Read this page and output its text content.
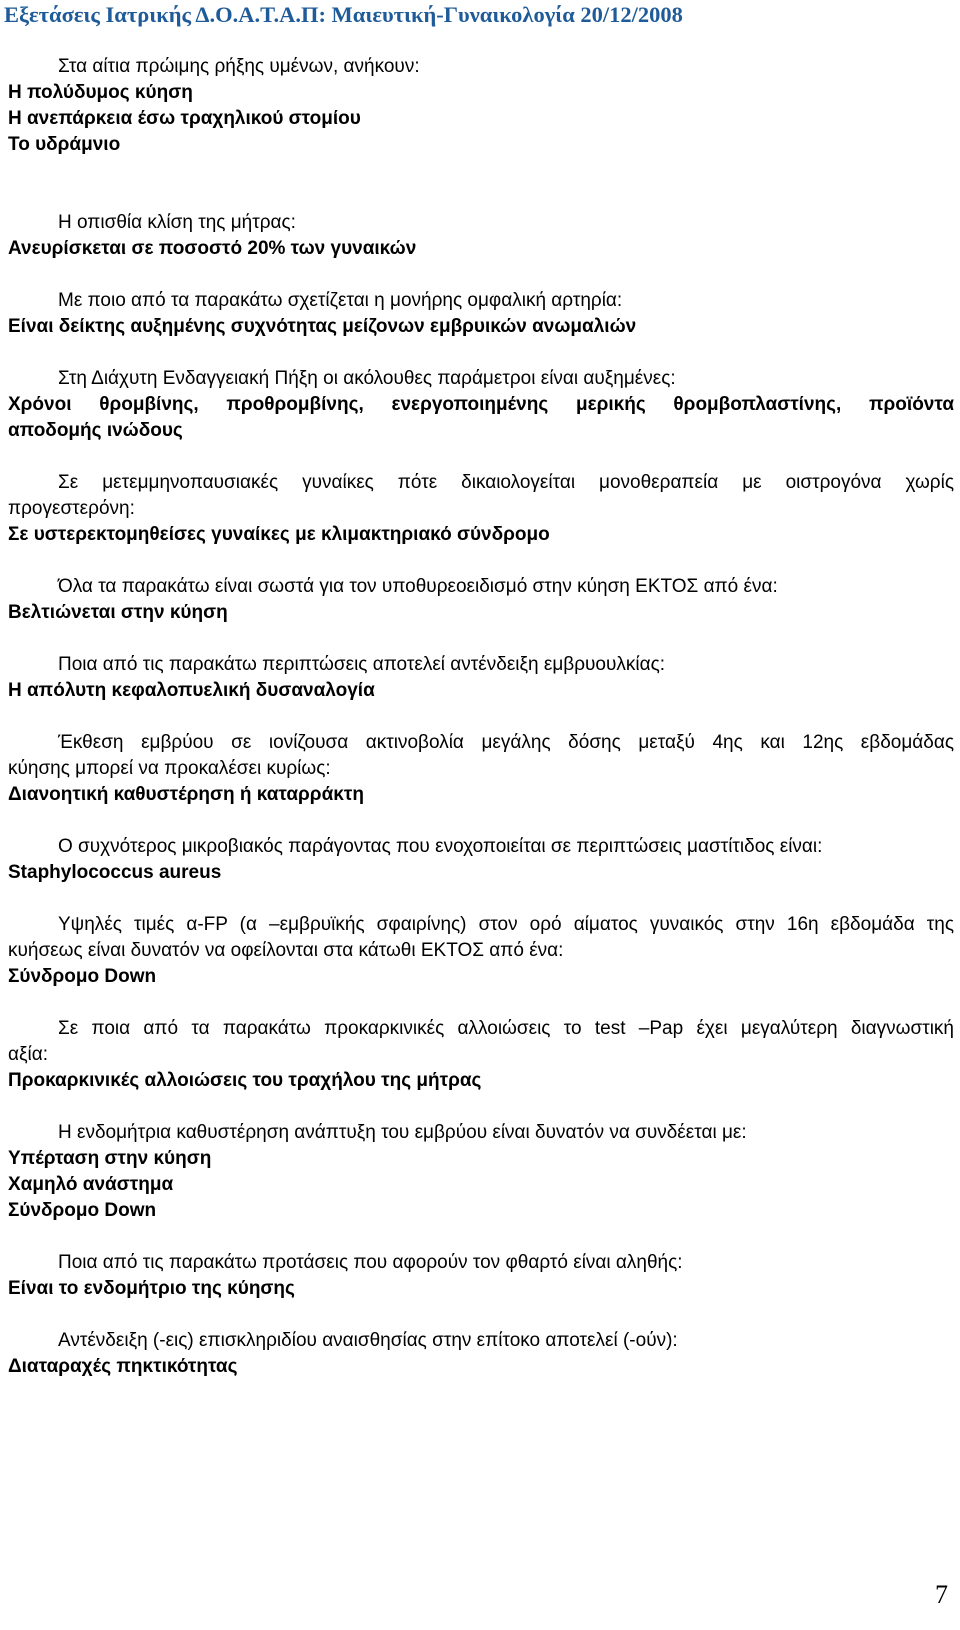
Εξετάσεις Ιατρικής Δ.Ο.Α.Τ.Α.Π: Μαιευτική-Γυναικολογία 20/12/2008
Στα αίτια πρώιμης ρήξης υμένων, ανήκουν:
Η πολύδυμος κύηση
Η ανεπάρκεια έσω τραχηλικού στομίου
Το υδράμνιο

Η οπισθία κλίση της μήτρας:
Ανευρίσκεται σε ποσοστό 20% των γυναικών

Με ποιο από τα παρακάτω σχετίζεται η μονήρης ομφαλική αρτηρία:
Είναι δείκτης αυξημένης συχνότητας μείζονων εμβρυικών ανωμαλιών

Στη Διάχυτη Ενδαγγειακή Πήξη οι ακόλουθες παράμετροι είναι αυξημένες:
Χρόνοι θρομβίνης, προθρομβίνης, ενεργοποιημένης μερικής θρομβοπλαστίνης, προϊόντα
αποδομής ινώδους

Σε μετεμμηνοπαυσιακές γυναίκες πότε δικαιολογείται μονοθεραπεία με οιστρογόνα χωρίς
προγεστερόνη:
Σε υστερεκτομηθείσες γυναίκες με κλιμακτηριακό σύνδρομο

Όλα τα παρακάτω είναι σωστά για τον υποθυρεοειδισμό στην κύηση ΕΚΤΟΣ από ένα:
Βελτιώνεται στην κύηση

Ποια από τις παρακάτω περιπτώσεις αποτελεί αντένδειξη εμβρυουλκίας:
Η απόλυτη κεφαλοπυελική δυσαναλογία

Έκθεση εμβρύου σε ιονίζουσα ακτινοβολία μεγάλης δόσης μεταξύ 4ης και 12ης εβδομάδας
κύησης μπορεί να προκαλέσει κυρίως:
Διανοητική καθυστέρηση ή καταρράκτη

Ο συχνότερος μικροβιακός παράγοντας που ενοχοποιείται σε περιπτώσεις μαστίτιδος είναι:
Staphylococcus aureus

Υψηλές τιμές α-FP (α –εμβρυϊκής σφαιρίνης) στον ορό αίματος γυναικός στην 16η εβδομάδα της
κυήσεως είναι δυνατόν να οφείλονται στα κάτωθι ΕΚΤΟΣ από ένα:
Σύνδρομο Down

Σε ποια από τα παρακάτω προκαρκινικές αλλοιώσεις το test –Pap έχει μεγαλύτερη διαγνωστική
αξία:
Προκαρκινικές αλλοιώσεις του τραχήλου της μήτρας

Η ενδομήτρια καθυστέρηση ανάπτυξη του εμβρύου είναι δυνατόν να συνδέεται με:
Υπέρταση στην κύηση
Χαμηλό ανάστημα
Σύνδρομο Down

Ποια από τις παρακάτω προτάσεις που αφορούν τον φθαρτό είναι αληθής:
Είναι το ενδομήτριο της κύησης

Αντένδειξη (-εις) επισκληριδίου αναισθησίας στην επίτοκο αποτελεί (-ούν):
Διαταραχές πηκτικότητας
7
